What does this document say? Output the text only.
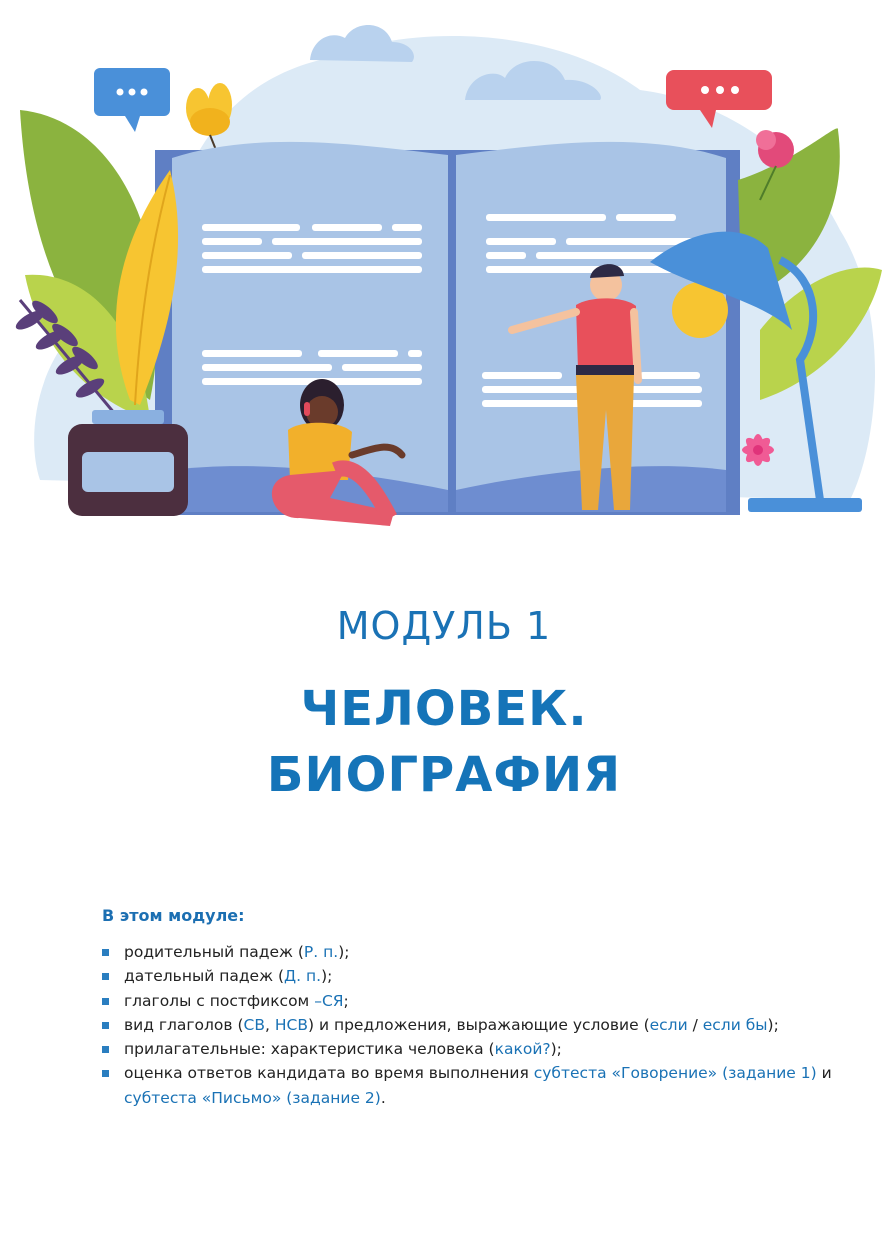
МОДУЛЬ 1
ЧЕЛОВЕК.
БИОГРАФИЯ
В этом модуле:
родительный падеж (Р. п.);
дательный падеж (Д. п.);
глаголы с постфиксом –СЯ;
вид глаголов (СВ, НСВ) и предложения, выражающие условие (если / если бы);
прилагательные: характеристика человека (какой?);
оценка ответов кандидата во время выполнения субтеста «Говорение» (задание 1) и субтеста «Письмо» (задание 2).
